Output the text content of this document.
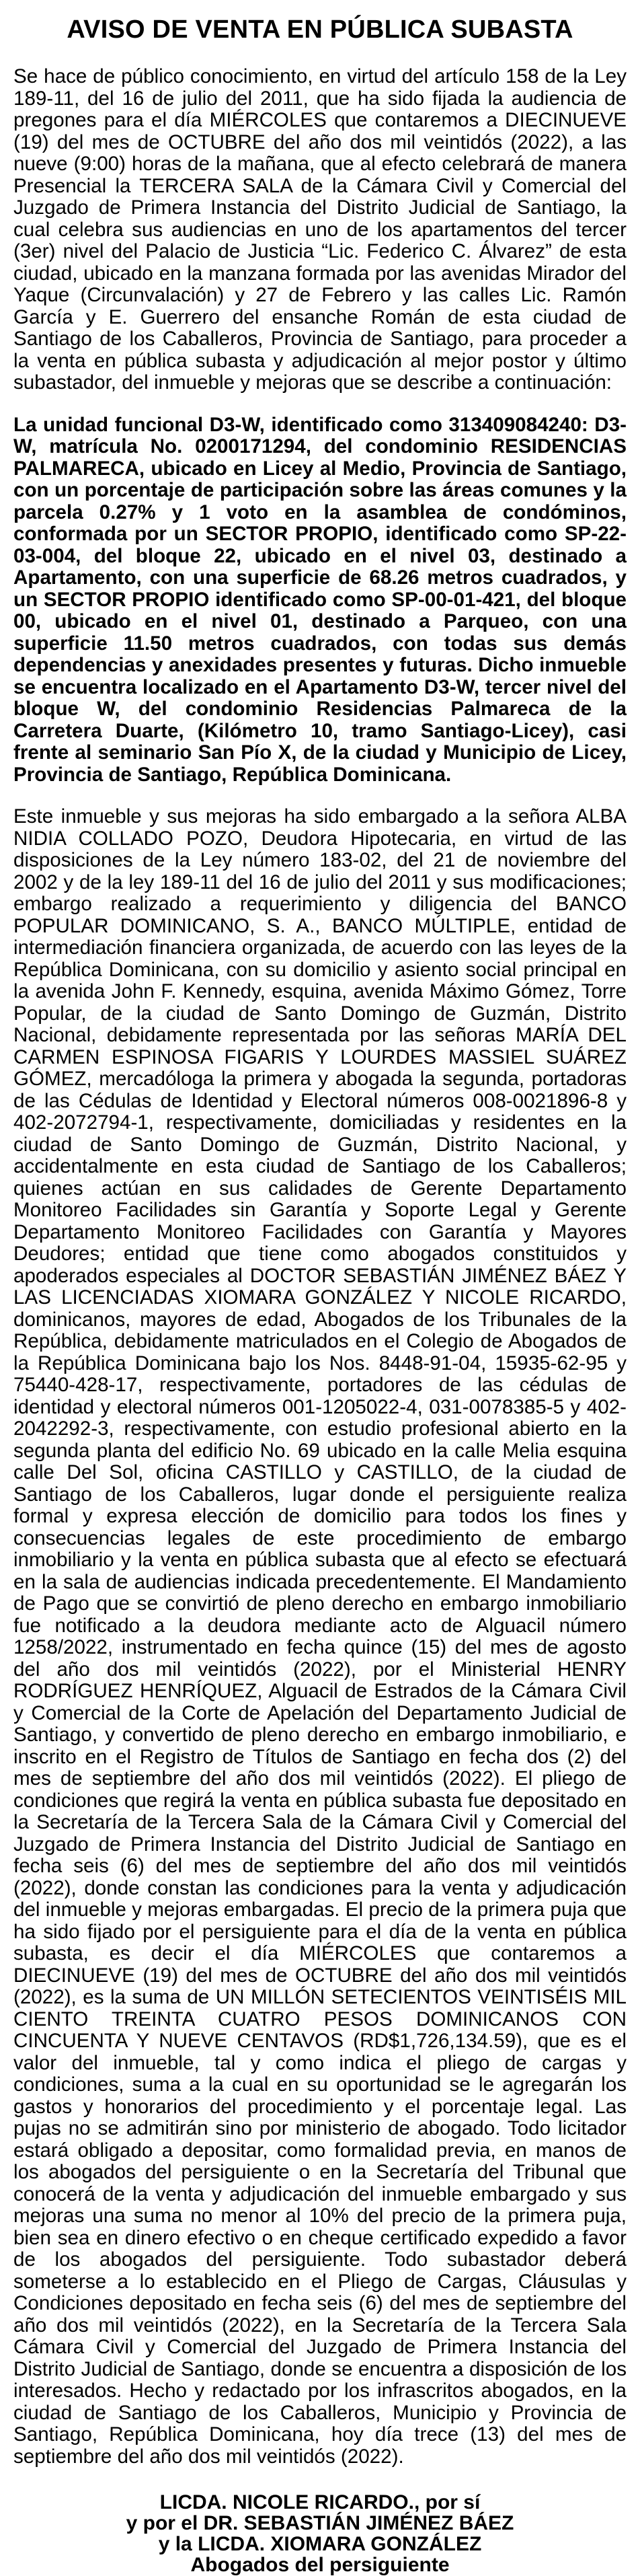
AVISO DE VENTA EN PÚBLICA SUBASTA

Se hace de público conocimiento, en virtud del artículo 158 de la Ley 189-11, del 16 de julio del 2011, que ha sido fijada la audiencia de pregones para el día MIÉRCOLES que contaremos a DIECINUEVE (19) del mes de OCTUBRE del año dos mil veintidós (2022), a las nueve (9:00) horas de la mañana, que al efecto celebrará de manera Presencial la TERCERA SALA de la Cámara Civil y Comercial del Juzgado de Primera Instancia del Distrito Judicial de Santiago, la cual celebra sus audiencias en uno de los apartamentos del tercer (3er) nivel del Palacio de Justicia “Lic. Federico C. Álvarez” de esta ciudad, ubicado en la manzana formada por las avenidas Mirador del Yaque (Circunvalación) y 27 de Febrero y las calles Lic. Ramón García y E. Guerrero del ensanche Román de esta ciudad de Santiago de los Caballeros, Provincia de Santiago, para proceder a la venta en pública subasta y adjudicación al mejor postor y último subastador, del inmueble y mejoras que se describe a continuación:

La unidad funcional D3-W, identificado como 313409084240: D3-W, matrícula No. 0200171294, del condominio RESIDENCIAS PALMARECA, ubicado en Licey al Medio, Provincia de Santiago, con un porcentaje de participación sobre las áreas comunes y la parcela 0.27% y 1 voto en la asamblea de condóminos, conformada por un SECTOR PROPIO, identificado como SP-22-03-004, del bloque 22, ubicado en el nivel 03, destinado a Apartamento, con una superficie de 68.26 metros cuadrados, y un SECTOR PROPIO identificado como SP-00-01-421, del bloque 00, ubicado en el nivel 01, destinado a Parqueo, con una superficie 11.50 metros cuadrados, con todas sus demás dependencias y anexidades presentes y futuras. Dicho inmueble se encuentra localizado en el Apartamento D3-W, tercer nivel del bloque W, del condominio Residencias Palmareca de la Carretera Duarte, (Kilómetro 10, tramo Santiago-Licey), casi frente al seminario San Pío X, de la ciudad y Municipio de Licey, Provincia de Santiago, República Dominicana.

Este inmueble y sus mejoras ha sido embargado a la señora ALBA NIDIA COLLADO POZO, Deudora Hipotecaria, en virtud de las disposiciones de la Ley número 183-02, del 21 de noviembre del 2002 y de la ley 189-11 del 16 de julio del 2011 y sus modificaciones; embargo realizado a requerimiento y diligencia del BANCO POPULAR DOMINICANO, S. A., BANCO MÚLTIPLE, entidad de intermediación financiera organizada, de acuerdo con las leyes de la República Dominicana, con su domicilio y asiento social principal en la avenida John F. Kennedy, esquina, avenida Máximo Gómez, Torre Popular, de la ciudad de Santo Domingo de Guzmán, Distrito Nacional, debidamente representada por las señoras MARÍA DEL CARMEN ESPINOSA FIGARIS Y LOURDES MASSIEL SUÁREZ GÓMEZ, mercadóloga la primera y abogada la segunda, portadoras de las Cédulas de Identidad y Electoral números 008-0021896-8 y 402-2072794-1, respectivamente, domiciliadas y residentes en la ciudad de Santo Domingo de Guzmán, Distrito Nacional, y accidentalmente en esta ciudad de Santiago de los Caballeros; quienes actúan en sus calidades de Gerente Departamento Monitoreo Facilidades sin Garantía y Soporte Legal y Gerente Departamento Monitoreo Facilidades con Garantía y Mayores Deudores; entidad que tiene como abogados constituidos y apoderados especiales al DOCTOR SEBASTIÁN JIMÉNEZ BÁEZ Y LAS LICENCIADAS XIOMARA GONZÁLEZ Y NICOLE RICARDO, dominicanos, mayores de edad, Abogados de los Tribunales de la República, debidamente matriculados en el Colegio de Abogados de la República Dominicana bajo los Nos. 8448-91-04, 15935-62-95 y 75440-428-17, respectivamente, portadores de las cédulas de identidad y electoral números 001-1205022-4, 031-0078385-5 y 402-2042292-3, respectivamente, con estudio profesional abierto en la segunda planta del edificio No. 69 ubicado en la calle Melia esquina calle Del Sol, oficina CASTILLO y CASTILLO, de la ciudad de Santiago de los Caballeros, lugar donde el persiguiente realiza formal y expresa elección de domicilio para todos los fines y consecuencias legales de este procedimiento de embargo inmobiliario y la venta en pública subasta que al efecto se efectuará en la sala de audiencias indicada precedentemente. El Mandamiento de Pago que se convirtió de pleno derecho en embargo inmobiliario fue notificado a la deudora mediante acto de Alguacil número 1258/2022, instrumentado en fecha quince (15) del mes de agosto del año dos mil veintidós (2022), por el Ministerial HENRY RODRÍGUEZ HENRÍQUEZ, Alguacil de Estrados de la Cámara Civil y Comercial de la Corte de Apelación del Departamento Judicial de Santiago, y convertido de pleno derecho en embargo inmobiliario, e inscrito en el Registro de Títulos de Santiago en fecha dos (2) del mes de septiembre del año dos mil veintidós (2022). El pliego de condiciones que regirá la venta en pública subasta fue depositado en la Secretaría de la Tercera Sala de la Cámara Civil y Comercial del Juzgado de Primera Instancia del Distrito Judicial de Santiago en fecha seis (6) del mes de septiembre del año dos mil veintidós (2022), donde constan las condiciones para la venta y adjudicación del inmueble y mejoras embargadas. El precio de la primera puja que ha sido fijado por el persiguiente para el día de la venta en pública subasta, es decir el día MIÉRCOLES que contaremos a DIECINUEVE (19) del mes de OCTUBRE del año dos mil veintidós (2022), es la suma de UN MILLÓN SETECIENTOS VEINTISÉIS MIL CIENTO TREINTA CUATRO PESOS DOMINICANOS CON CINCUENTA Y NUEVE CENTAVOS (RD$1,726,134.59), que es el valor del inmueble, tal y como indica el pliego de cargas y condiciones, suma a la cual en su oportunidad se le agregarán los gastos y honorarios del procedimiento y el porcentaje legal. Las pujas no se admitirán sino por ministerio de abogado. Todo licitador estará obligado a depositar, como formalidad previa, en manos de los abogados del persiguiente o en la Secretaría del Tribunal que conocerá de la venta y adjudicación del inmueble embargado y sus mejoras una suma no menor al 10% del precio de la primera puja, bien sea en dinero efectivo o en cheque certificado expedido a favor de los abogados del persiguiente. Todo subastador deberá someterse a lo establecido en el Pliego de Cargas, Cláusulas y Condiciones depositado en fecha seis (6) del mes de septiembre del año dos mil veintidós (2022), en la Secretaría de la Tercera Sala Cámara Civil y Comercial del Juzgado de Primera Instancia del Distrito Judicial de Santiago, donde se encuentra a disposición de los interesados. Hecho y redactado por los infrascritos abogados, en la ciudad de Santiago de los Caballeros, Municipio y Provincia de Santiago, República Dominicana, hoy día trece (13) del mes de septiembre del año dos mil veintidós (2022).

LICDA. NICOLE RICARDO., por sí
y por el DR. SEBASTIÁN JIMÉNEZ BÁEZ
y la LICDA. XIOMARA GONZÁLEZ
Abogados del persiguiente
